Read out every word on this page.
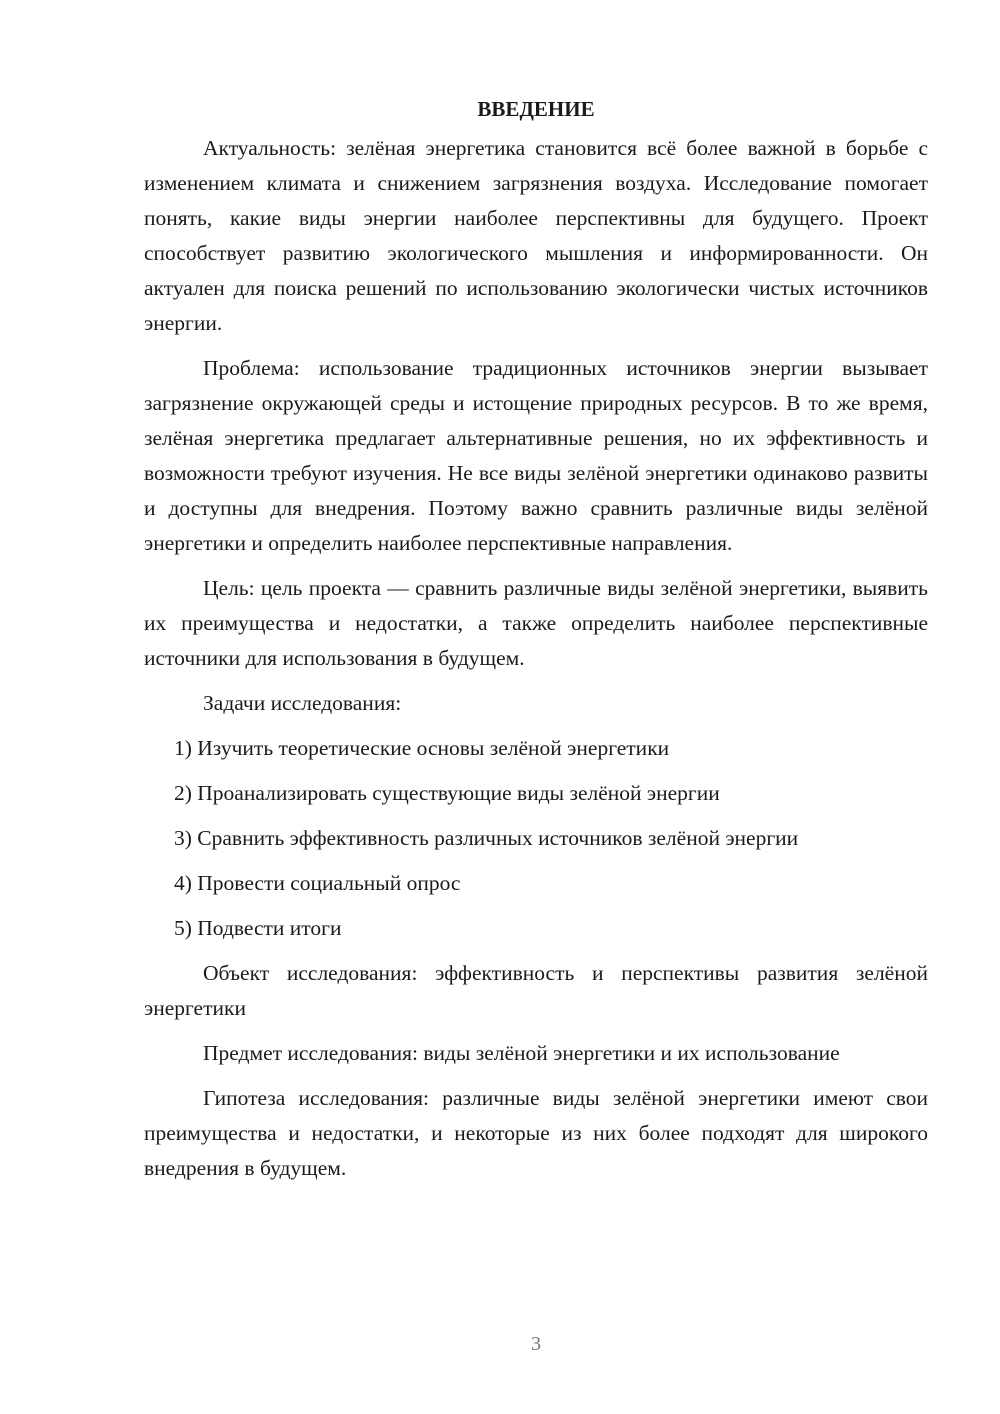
ВВЕДЕНИЕ

Актуальность: зелёная энергетика становится всё более важной в борьбе с изменением климата и снижением загрязнения воздуха. Исследование помогает понять, какие виды энергии наиболее перспективны для будущего. Проект способствует развитию экологического мышления и информированности. Он актуален для поиска решений по использованию экологически чистых источников энергии.

Проблема: использование традиционных источников энергии вызывает загрязнение окружающей среды и истощение природных ресурсов. В то же время, зелёная энергетика предлагает альтернативные решения, но их эффективность и возможности требуют изучения. Не все виды зелёной энергетики одинаково развиты и доступны для внедрения. Поэтому важно сравнить различные виды зелёной энергетики и определить наиболее перспективные направления.

Цель: цель проекта — сравнить различные виды зелёной энергетики, выявить их преимущества и недостатки, а также определить наиболее перспективные источники для использования в будущем.

Задачи исследования:

1) Изучить теоретические основы зелёной энергетики
2) Проанализировать существующие виды зелёной энергии
3) Сравнить эффективность различных источников зелёной энергии
4) Провести социальный опрос
5) Подвести итоги

Объект исследования: эффективность и перспективы развития зелёной энергетики

Предмет исследования: виды зелёной энергетики и их использование

Гипотеза исследования: различные виды зелёной энергетики имеют свои преимущества и недостатки, и некоторые из них более подходят для широкого внедрения в будущем.

3
